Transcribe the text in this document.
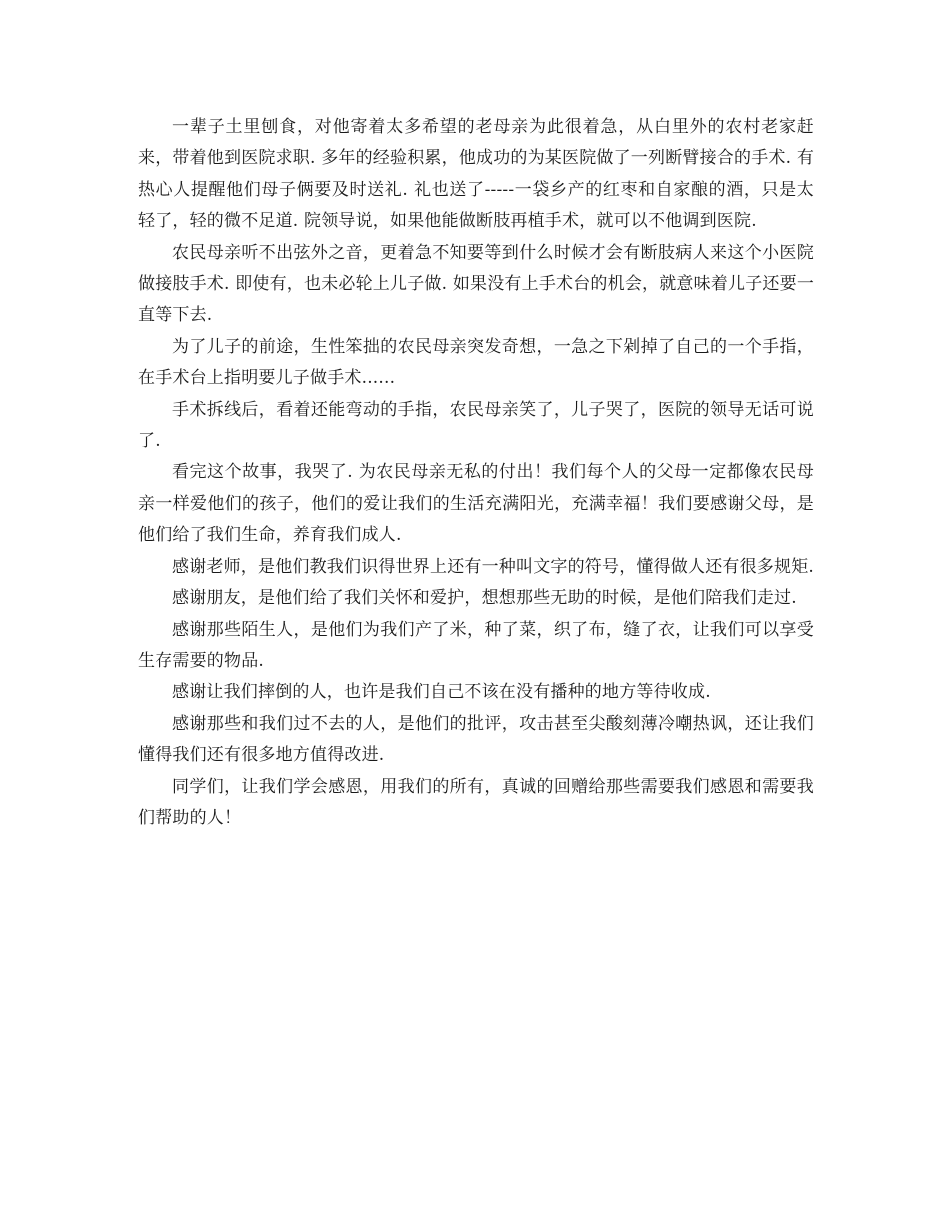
一辈子土里刨食，对他寄着太多希望的老母亲为此很着急，从白里外的农村老家赶来，带着他到医院求职. 多年的经验积累，他成功的为某医院做了一列断臂接合的手术. 有热心人提醒他们母子俩要及时送礼. 礼也送了-----一袋乡产的红枣和自家酿的酒，只是太轻了，轻的微不足道. 院领导说，如果他能做断肢再植手术，就可以不他调到医院.

农民母亲听不出弦外之音，更着急不知要等到什么时候才会有断肢病人来这个小医院做接肢手术. 即使有，也未必轮上儿子做. 如果没有上手术台的机会，就意味着儿子还要一直等下去.

为了儿子的前途，生性笨拙的农民母亲突发奇想，一急之下剁掉了自己的一个手指，在手术台上指明要儿子做手术......

手术拆线后，看着还能弯动的手指，农民母亲笑了，儿子哭了，医院的领导无话可说了.

看完这个故事，我哭了. 为农民母亲无私的付出！我们每个人的父母一定都像农民母亲一样爱他们的孩子，他们的爱让我们的生活充满阳光，充满幸福！我们要感谢父母，是他们给了我们生命，养育我们成人.

感谢老师，是他们教我们识得世界上还有一种叫文字的符号，懂得做人还有很多规矩.

感谢朋友，是他们给了我们关怀和爱护，想想那些无助的时候，是他们陪我们走过.

感谢那些陌生人，是他们为我们产了米，种了菜，织了布，缝了衣，让我们可以享受生存需要的物品.

感谢让我们摔倒的人，也许是我们自己不该在没有播种的地方等待收成.

感谢那些和我们过不去的人，是他们的批评，攻击甚至尖酸刻薄冷嘲热讽，还让我们懂得我们还有很多地方值得改进.

同学们，让我们学会感恩，用我们的所有，真诚的回赠给那些需要我们感恩和需要我们帮助的人！
